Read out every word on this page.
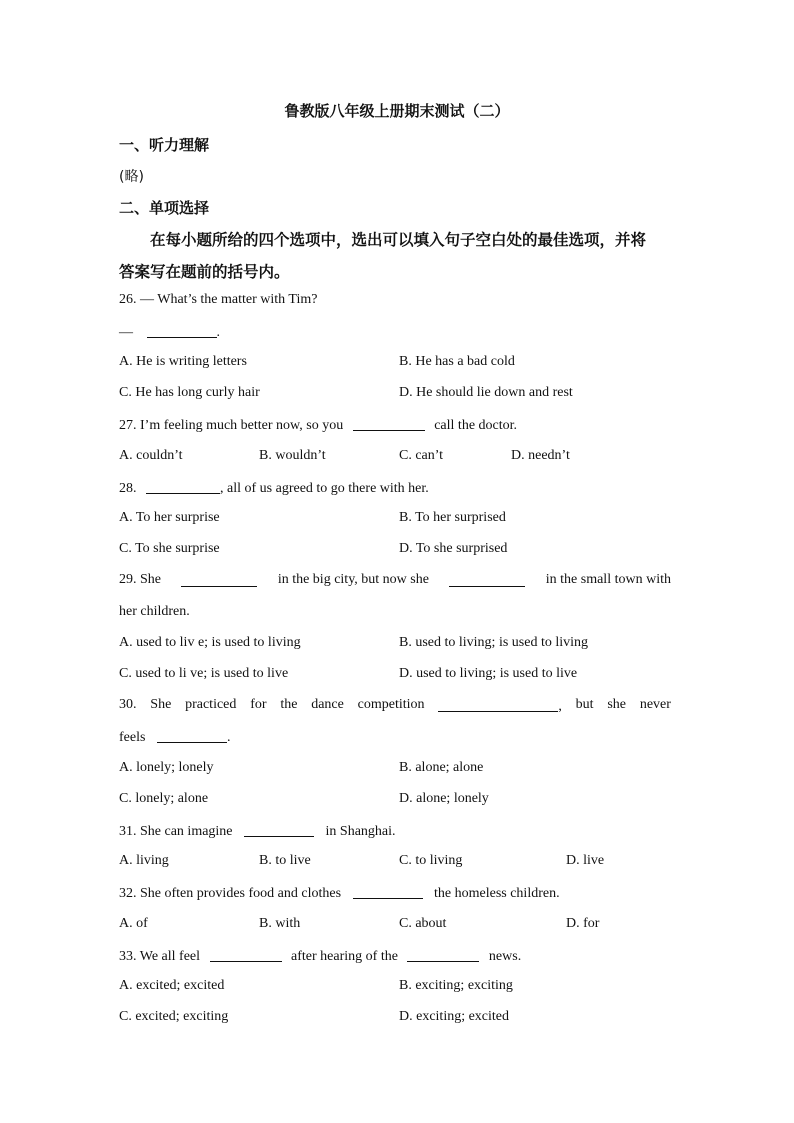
鲁教版八年级上册期末测试（二）
一、听力理解
(略)
二、单项选择
在每小题所给的四个选项中，选出可以填入句子空白处的最佳选项，并将
答案写在题前的括号内。
26. — What’s the matter with Tim?
—	.
A. He is writing letters	B. He has a bad cold
C. He has long curly hair	D. He should lie down and rest
27. I’m feeling much better now, so you	call the doctor.
A. couldn’t	B. wouldn’t	C. can’t	D. needn’t
28.	, all of us agreed to go there with her.
A. To her surprise	B. To her surprised
C. To she surprise	D. To she surprised
29. She	in the big city, but now she	in the small town with
her children.
A. used to liv e; is used to living	B. used to living; is used to living
C. used to li ve; is used to live	D. used to living; is used to live
30. She practiced for the dance competition	, but she never
feels	.
A. lonely; lonely	B. alone; alone
C. lonely; alone	D. alone; lonely
31. She can imagine	in Shanghai.
A. living	B. to live	C. to living	D. live
32. She often provides food and clothes	the homeless children.
A. of	B. with	C. about	D. for
33. We all feel	after hearing of the	news.
A. excited; excited	B. exciting; exciting
C. excited; exciting	D. exciting; excited
